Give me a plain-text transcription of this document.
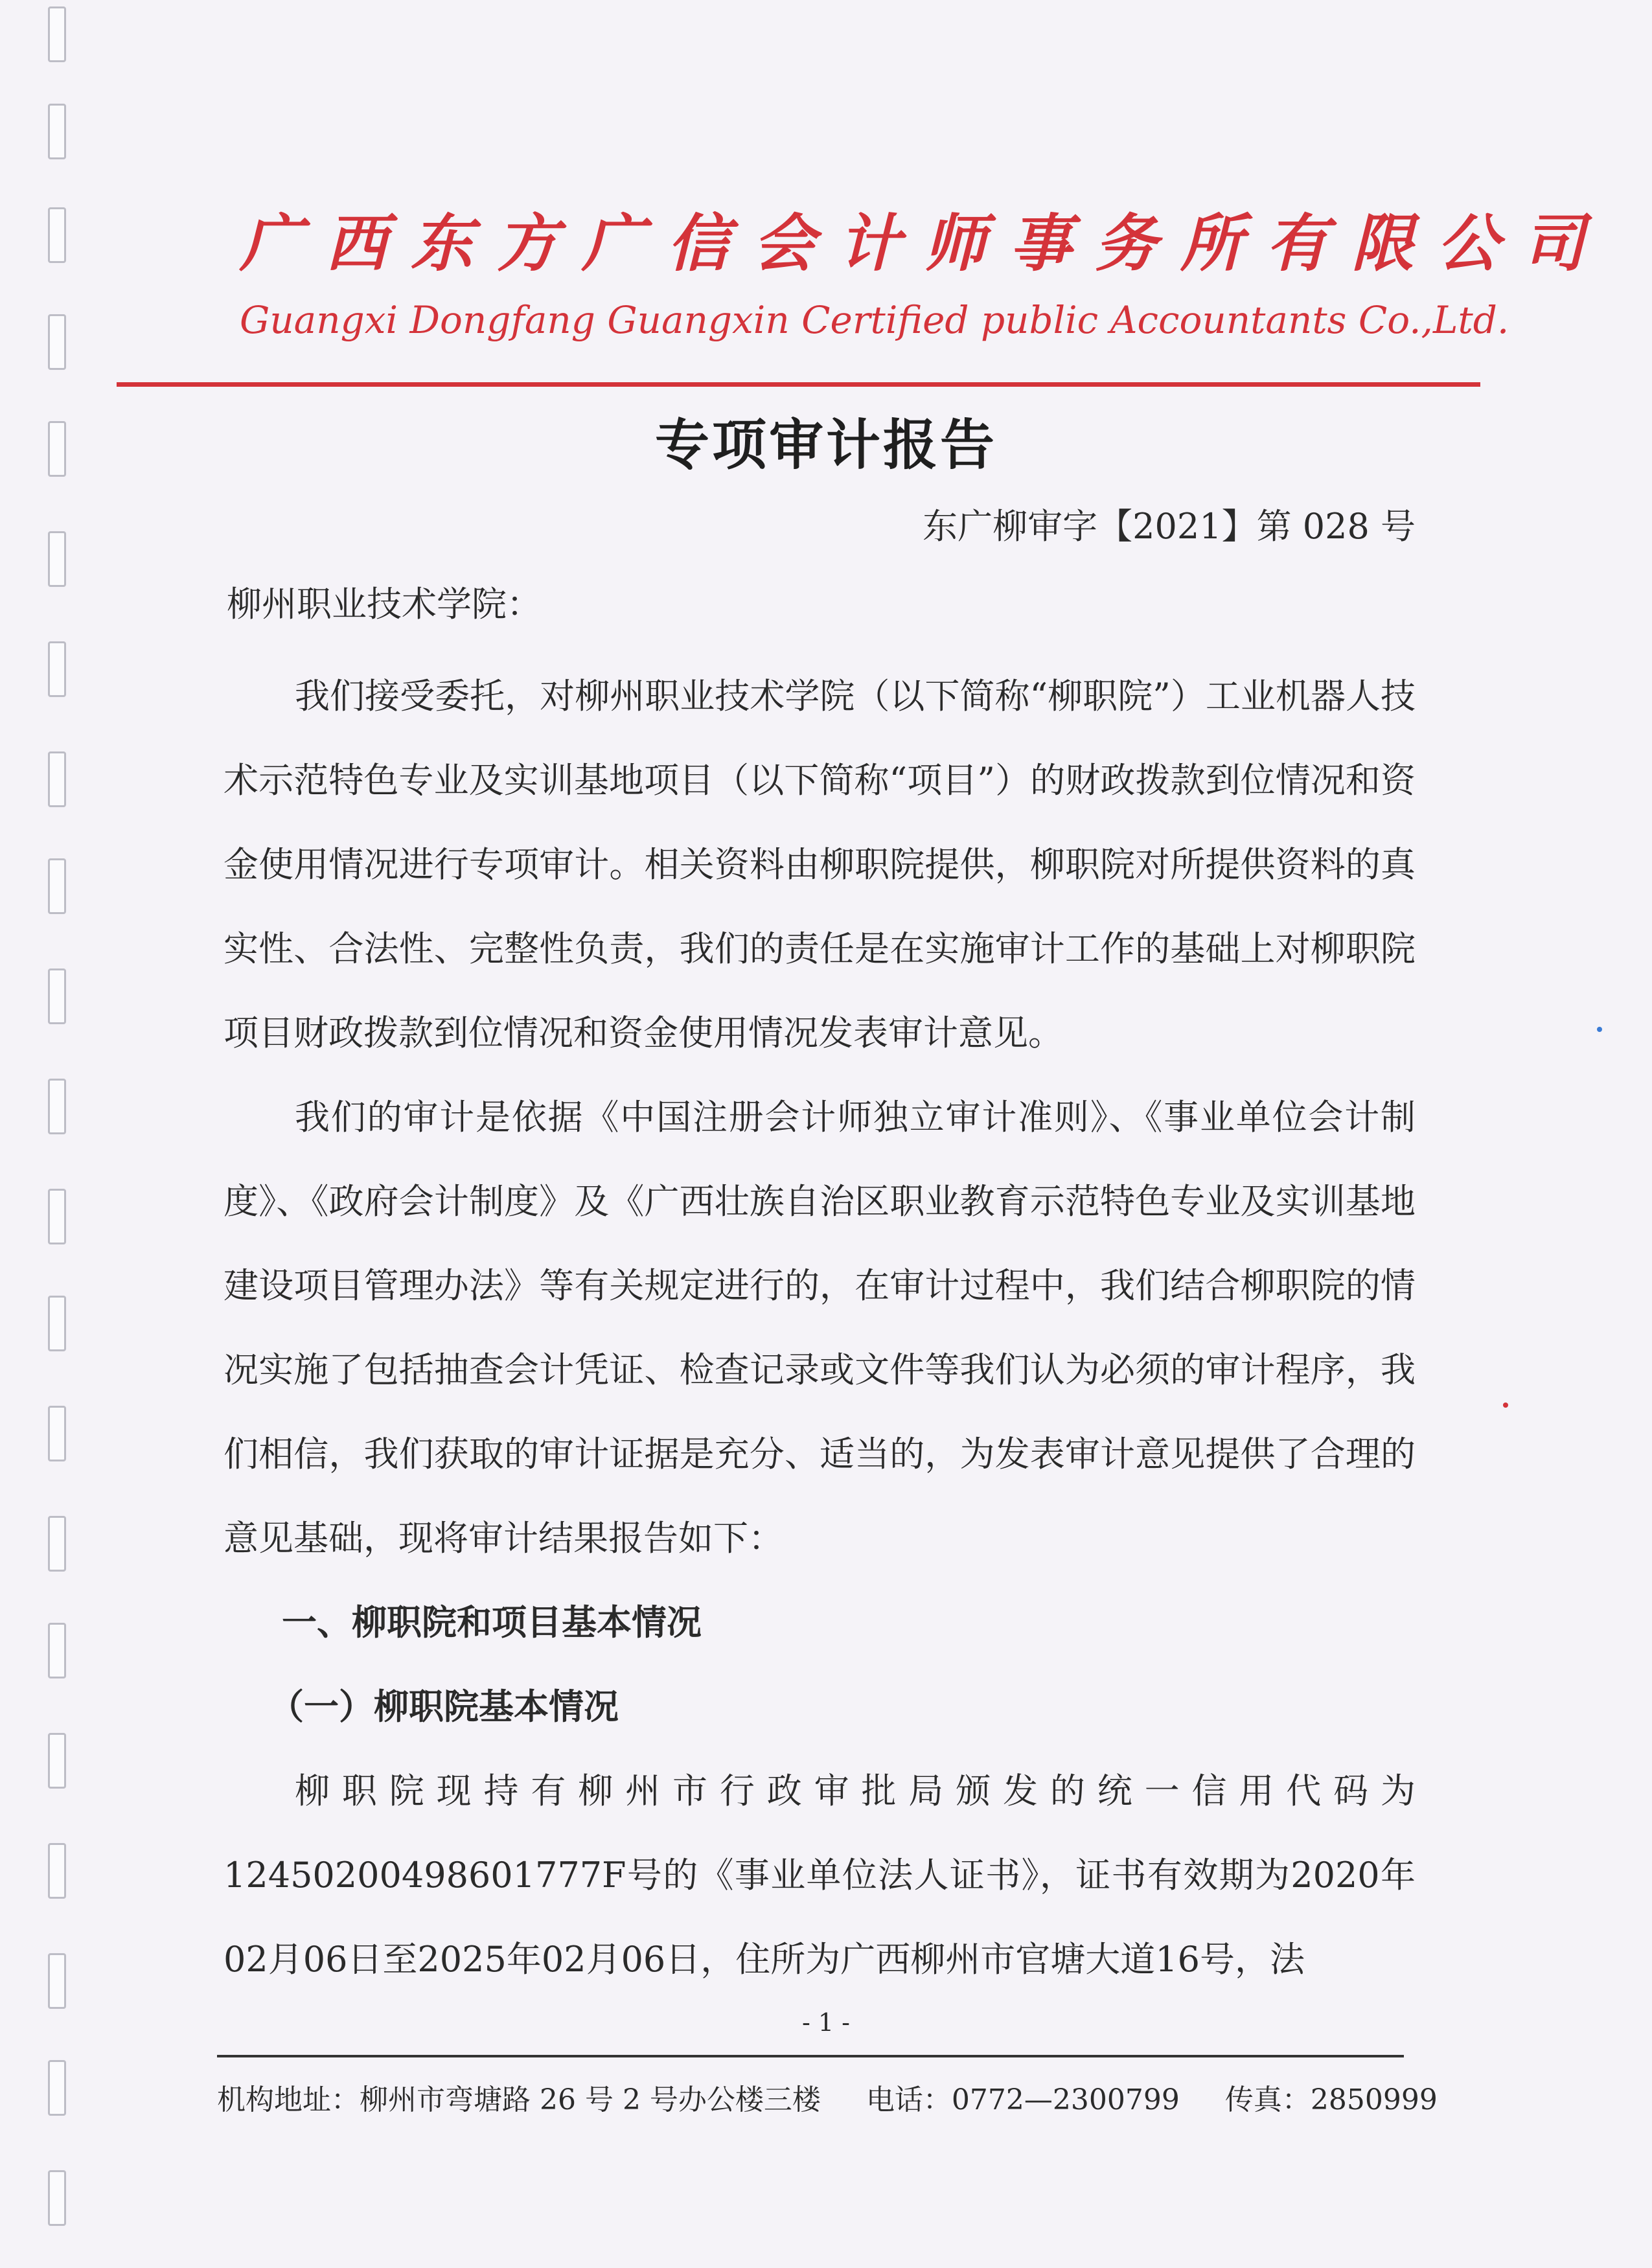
广西东方广信会计师事务所有限公司
Guangxi Dongfang Guangxin Certified public Accountants Co.,Ltd.
专项审计报告
东广柳审字【2021】第 028 号
柳州职业技术学院：

我们接受委托，对柳州职业技术学院（以下简称“柳职院”）工业机器人技术示范特色专业及实训基地项目（以下简称“项目”）的财政拨款到位情况和资金使用情况进行专项审计。相关资料由柳职院提供，柳职院对所提供资料的真实性、合法性、完整性负责，我们的责任是在实施审计工作的基础上对柳职院项目财政拨款到位情况和资金使用情况发表审计意见。

我们的审计是依据《中国注册会计师独立审计准则》、《事业单位会计制度》、《政府会计制度》及《广西壮族自治区职业教育示范特色专业及实训基地建设项目管理办法》等有关规定进行的，在审计过程中，我们结合柳职院的情况实施了包括抽查会计凭证、检查记录或文件等我们认为必须的审计程序，我们相信，我们获取的审计证据是充分、适当的，为发表审计意见提供了合理的意见基础，现将审计结果报告如下：

一、柳职院和项目基本情况

（一）柳职院基本情况

柳职院现持有柳州市行政审批局颁发的统一信用代码为12450200498601777F号的《事业单位法人证书》，证书有效期为2020年02月06日至2025年02月06日，住所为广西柳州市官塘大道16号，法

- 1 -
机构地址：柳州市弯塘路 26 号 2 号办公楼三楼 电话：0772—2300799 传真：2850999
